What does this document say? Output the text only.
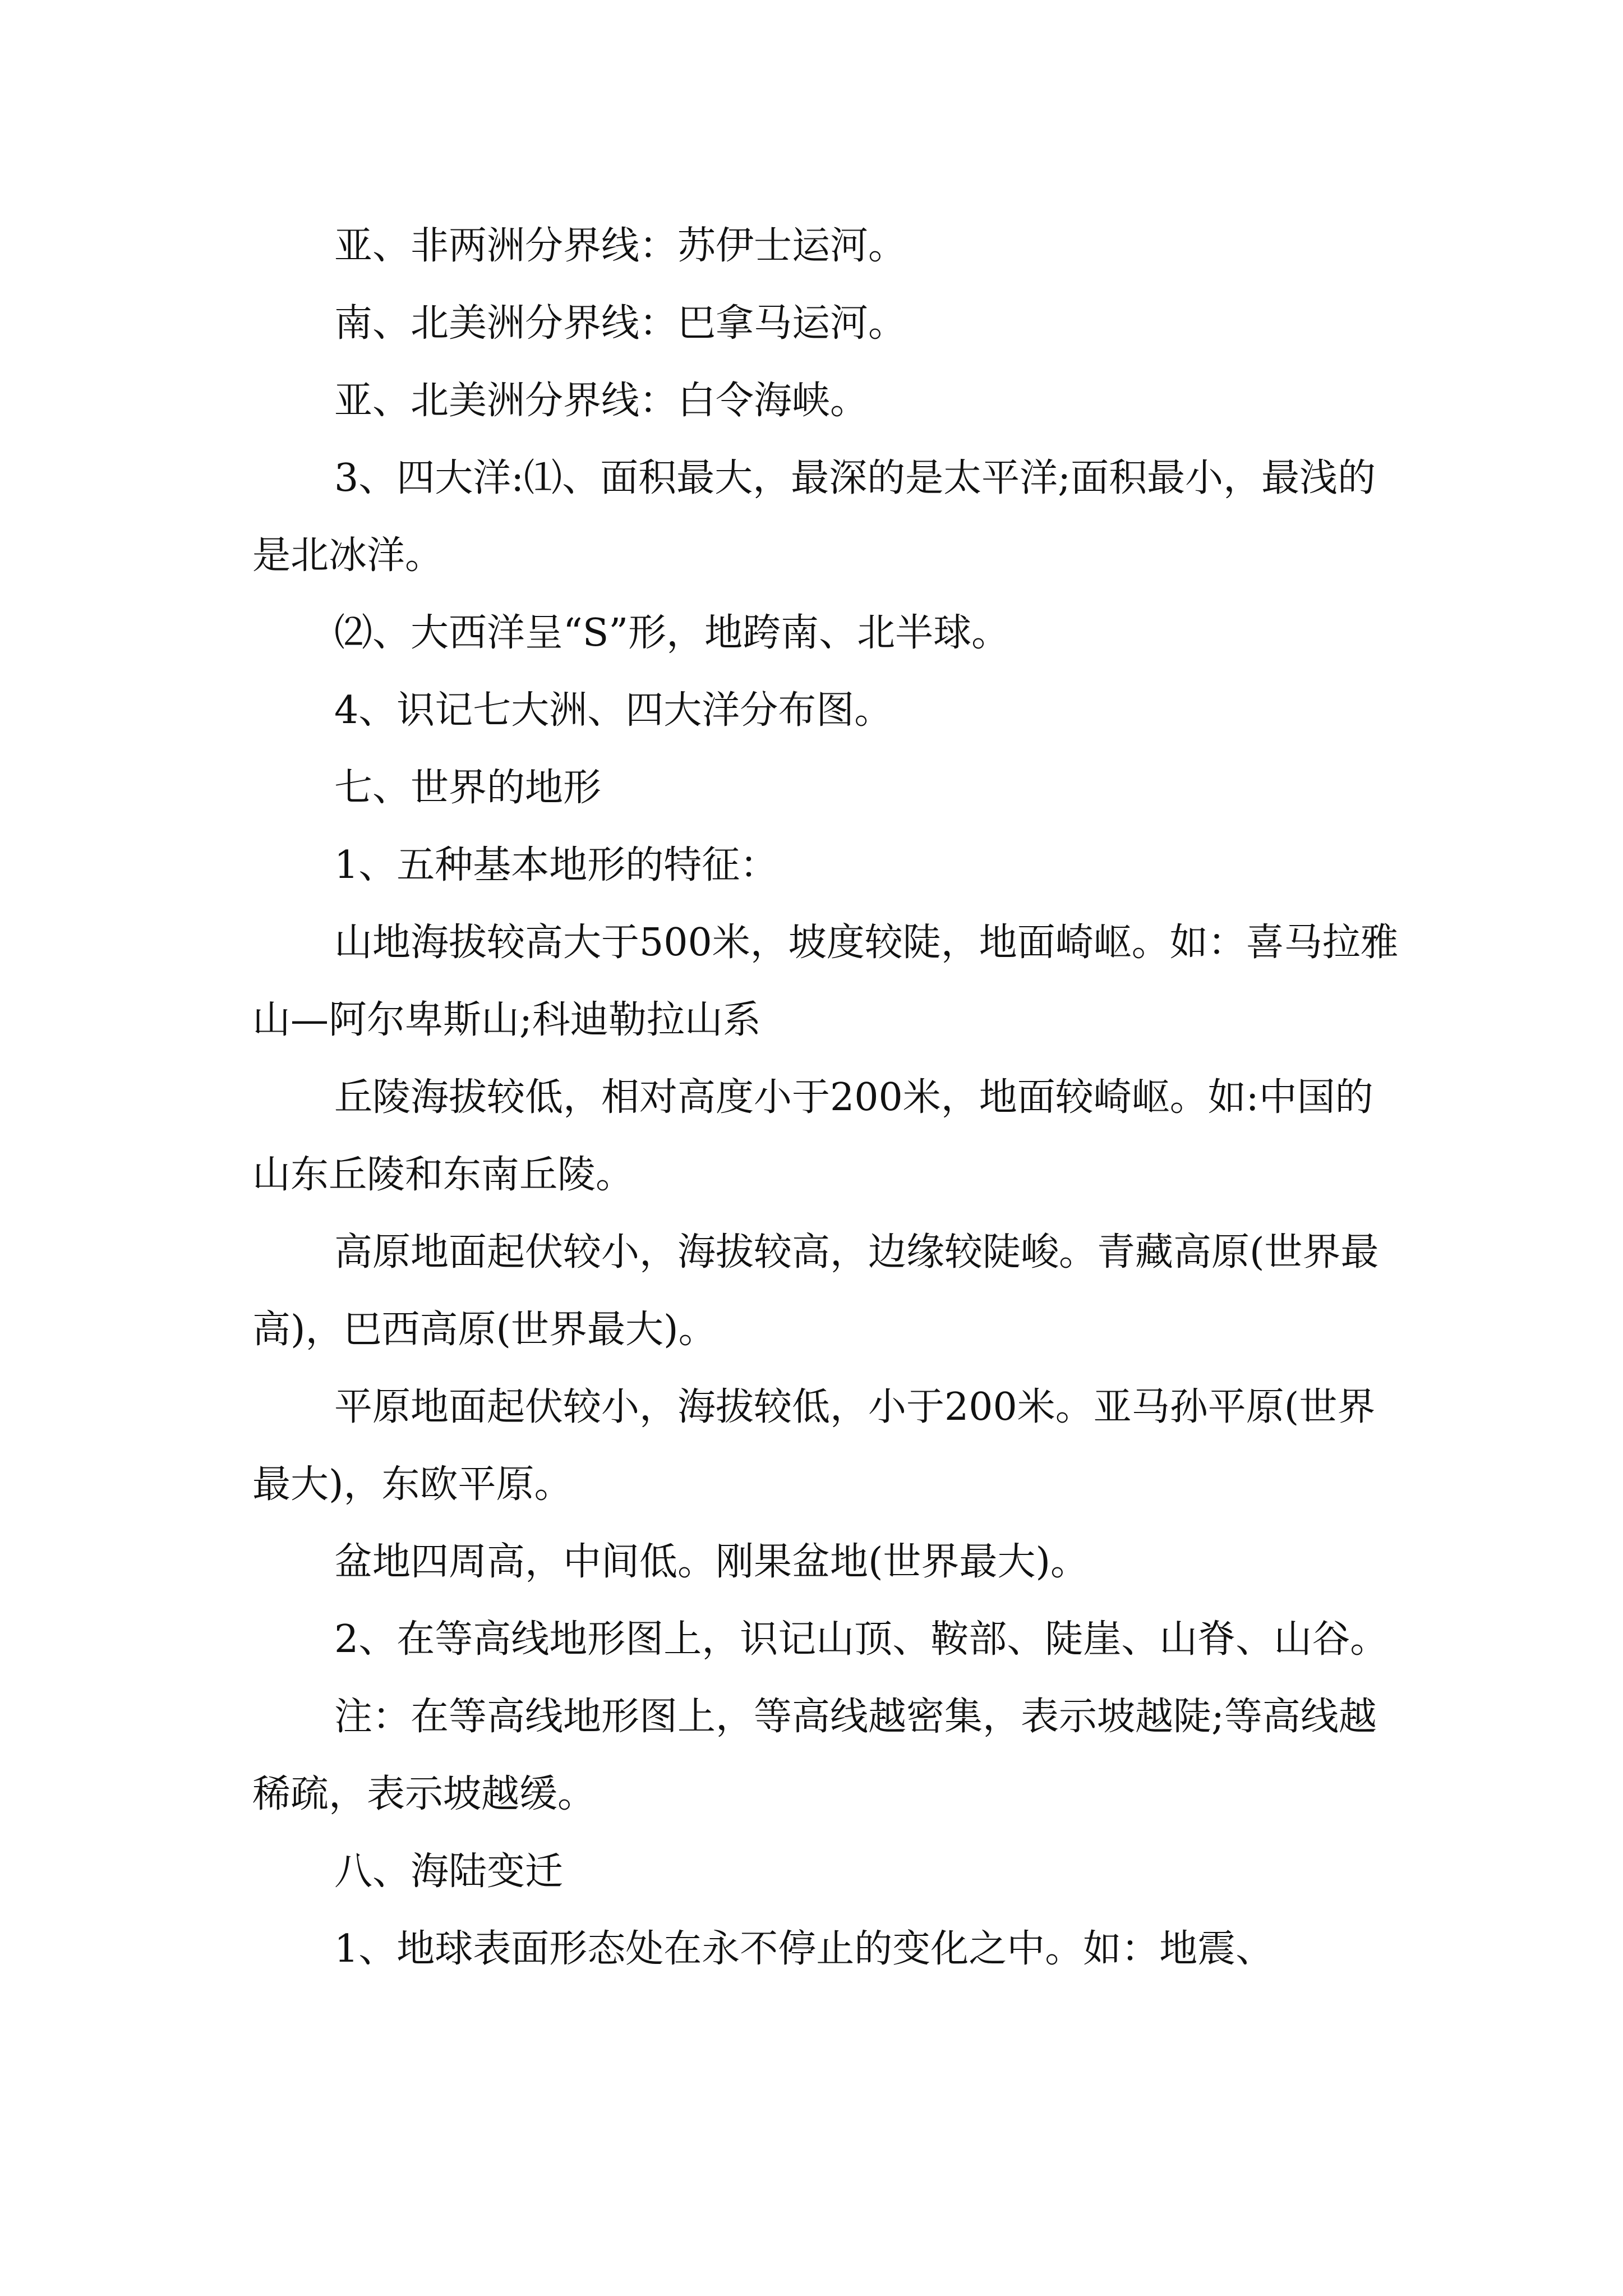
亚、非两洲分界线：苏伊士运河。

南、北美洲分界线：巴拿马运河。

亚、北美洲分界线：白令海峡。

3、四大洋:⑴、面积最大，最深的是太平洋;面积最小，最浅的是北冰洋。

⑵、大西洋呈“S”形，地跨南、北半球。

4、识记七大洲、四大洋分布图。

七、世界的地形

1、五种基本地形的特征：

山地海拔较高大于500米，坡度较陡，地面崎岖。如：喜马拉雅山—阿尔卑斯山;科迪勒拉山系

丘陵海拔较低，相对高度小于200米，地面较崎岖。如:中国的山东丘陵和东南丘陵。

高原地面起伏较小，海拔较高，边缘较陡峻。青藏高原(世界最高)，巴西高原(世界最大)。

平原地面起伏较小，海拔较低，小于200米。亚马孙平原(世界最大)，东欧平原。

盆地四周高，中间低。刚果盆地(世界最大)。

2、在等高线地形图上，识记山顶、鞍部、陡崖、山脊、山谷。

注：在等高线地形图上，等高线越密集，表示坡越陡;等高线越稀疏，表示坡越缓。

八、海陆变迁

1、地球表面形态处在永不停止的变化之中。如：地震、
